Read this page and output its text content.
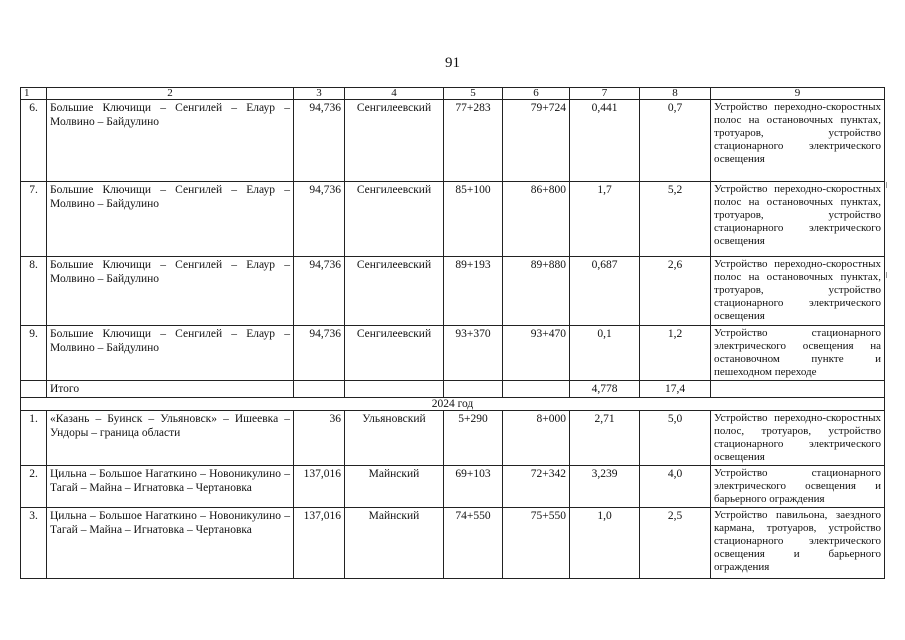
91
1	2	3	4	5	6	7	8	9
6.	Большие Ключищи – Сенгилей – Елаур – Молвино – Байдулино	94,736	Сенгилеевский	77+283	79+724	0,441	0,7	Устройство переходно-скоростных полос на остановочных пунктах, тротуаров, устройство стационарного электрического освещения
7.	Большие Ключищи – Сенгилей – Елаур – Молвино – Байдулино	94,736	Сенгилеевский	85+100	86+800	1,7	5,2	Устройство переходно-скоростных полос на остановочных пунктах, тротуаров, устройство стационарного электрического освещения
8.	Большие Ключищи – Сенгилей – Елаур – Молвино – Байдулино	94,736	Сенгилеевский	89+193	89+880	0,687	2,6	Устройство переходно-скоростных полос на остановочных пунктах, тротуаров, устройство стационарного электрического освещения
9.	Большие Ключищи – Сенгилей – Елаур – Молвино – Байдулино	94,736	Сенгилеевский	93+370	93+470	0,1	1,2	Устройство стационарного электрического освещения на остановочном пункте и пешеходном переходе
	Итого					4,778	17,4	
2024 год								
1.	«Казань – Буинск – Ульяновск» – Ишеевка – Ундоры – граница области	36	Ульяновский	5+290	8+000	2,71	5,0	Устройство переходно-скоростных полос, тротуаров, устройство стационарного электрического освещения
2.	Цильна – Большое Нагаткино – Новоникулино – Тагай – Майна – Игнатовка – Чертановка	137,016	Майнский	69+103	72+342	3,239	4,0	Устройство стационарного электрического освещения и барьерного ограждения
3.	Цильна – Большое Нагаткино – Новоникулино – Тагай – Майна – Игнатовка – Чертановка	137,016	Майнский	74+550	75+550	1,0	2,5	Устройство павильона, заездного кармана, тротуаров, устройство стационарного электрического освещения и барьерного ограждения
